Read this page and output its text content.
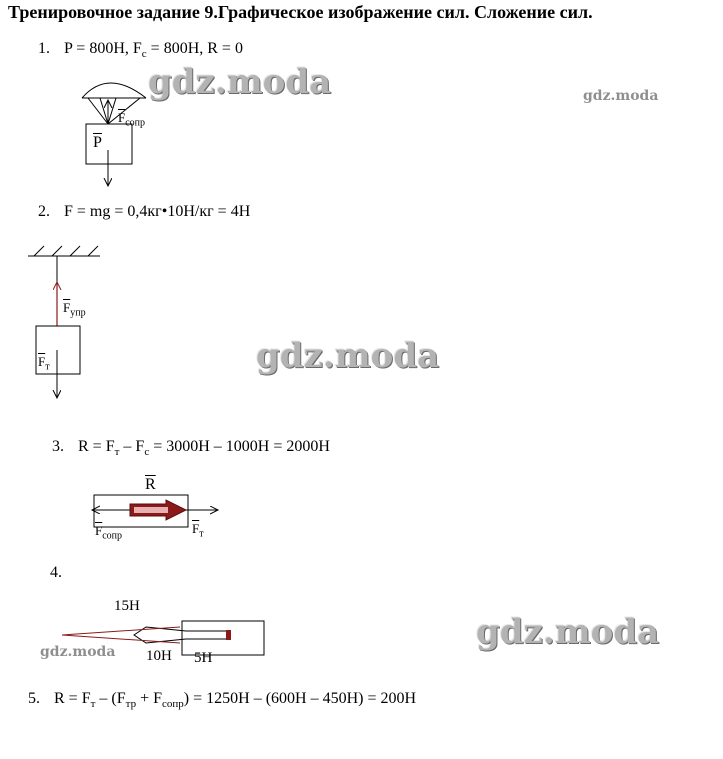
Тренировочное задание 9.Графическое изображение сил. Сложение сил.
1. P = 800H, $F_c = 800H$, R = 0
2. F = mg = 0,4кг•10Н/кг = 4Н
3. $R = F_т - F_c = 3000H - 1000H = 2000H$
4.
5. $R = F_т - (F_{тр} + F_{сопр}) = 1250H - (600H - 450H) = 200H$
$\overline{P}$
$\overline{F}_{сопр}$
$\overline{F}_{упр}$
$\overline{F}_т$
$\overline{R}$
$\overline{F}_{сопр}$
$\overline{F}_т$
15H
10H 5H
gdz.moda	gdz.moda
gdz.moda
gdz.moda
gdz.moda
